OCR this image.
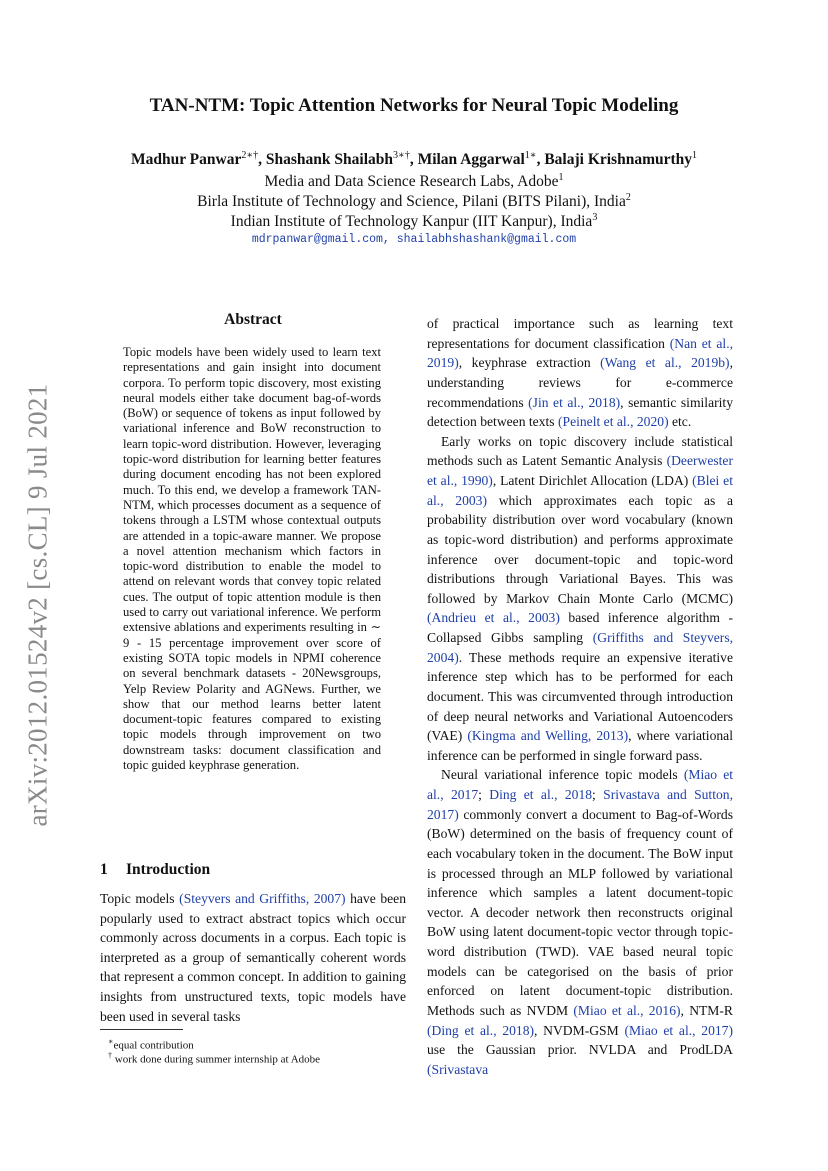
arXiv:2012.01524v2 [cs.CL] 9 Jul 2021
TAN-NTM: Topic Attention Networks for Neural Topic Modeling
Madhur Panwar$^{2∗\dagger}$, Shashank Shailabh$^{3∗\dagger}$, Milan Aggarwal$^{1∗}$, Balaji Krishnamurthy$^1$
Media and Data Science Research Labs, Adobe$^1$
Birla Institute of Technology and Science, Pilani (BITS Pilani), India$^2$
Indian Institute of Technology Kanpur (IIT Kanpur), India$^3$
mdrpanwar@gmail.com, shailabhshashank@gmail.com
Abstract
Topic models have been widely used to learn text representations and gain insight into document corpora. To perform topic discovery, most existing neural models either take document bag-of-words (BoW) or sequence of tokens as input followed by variational inference and BoW reconstruction to learn topic-word distribution. However, leveraging topic-word distribution for learning better features during document encoding has not been explored much. To this end, we develop a framework TAN-NTM, which processes document as a sequence of tokens through a LSTM whose contextual outputs are attended in a topic-aware manner. We propose a novel attention mechanism which factors in topic-word distribution to enable the model to attend on relevant words that convey topic related cues. The output of topic attention module is then used to carry out variational inference. We perform extensive ablations and experiments resulting in ∼ 9 - 15 percentage improvement over score of existing SOTA topic models in NPMI coherence on several benchmark datasets - 20Newsgroups, Yelp Review Polarity and AGNews. Further, we show that our method learns better latent document-topic features compared to existing topic models through improvement on two downstream tasks: document classification and topic guided keyphrase generation.
1 Introduction
Topic models (Steyvers and Griffiths, 2007) have been popularly used to extract abstract topics which occur commonly across documents in a corpus. Each topic is interpreted as a group of semantically coherent words that represent a common concept. In addition to gaining insights from unstructured texts, topic models have been used in several tasks
∗equal contribution
† work done during summer internship at Adobe

of practical importance such as learning text representations for document classification (Nan et al., 2019), keyphrase extraction (Wang et al., 2019b), understanding reviews for e-commerce recommendations (Jin et al., 2018), semantic similarity detection between texts (Peinelt et al., 2020) etc.

Early works on topic discovery include statistical methods such as Latent Semantic Analysis (Deerwester et al., 1990), Latent Dirichlet Allocation (LDA) (Blei et al., 2003) which approximates each topic as a probability distribution over word vocabulary (known as topic-word distribution) and performs approximate inference over document-topic and topic-word distributions through Variational Bayes. This was followed by Markov Chain Monte Carlo (MCMC) (Andrieu et al., 2003) based inference algorithm - Collapsed Gibbs sampling (Griffiths and Steyvers, 2004). These methods require an expensive iterative inference step which has to be performed for each document. This was circumvented through introduction of deep neural networks and Variational Autoencoders (VAE) (Kingma and Welling, 2013), where variational inference can be performed in single forward pass.

Neural variational inference topic models (Miao et al., 2017; Ding et al., 2018; Srivastava and Sutton, 2017) commonly convert a document to Bag-of-Words (BoW) determined on the basis of frequency count of each vocabulary token in the document. The BoW input is processed through an MLP followed by variational inference which samples a latent document-topic vector. A decoder network then reconstructs original BoW using latent document-topic vector through topic-word distribution (TWD). VAE based neural topic models can be categorised on the basis of prior enforced on latent document-topic distribution. Methods such as NVDM (Miao et al., 2016), NTM-R (Ding et al., 2018), NVDM-GSM (Miao et al., 2017) use the Gaussian prior. NVLDA and ProdLDA (Srivastava
